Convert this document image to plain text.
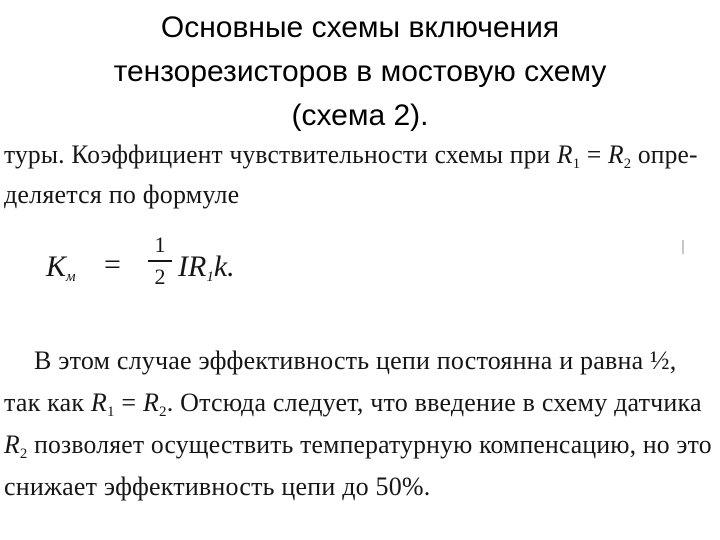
Основные схемы включения
тензорезисторов в мостовую схему
(схема 2).
туры. Коэффициент чувствительности схемы при $R_1 = R_2$ опре-
деляется по формуле
$K_м$ =
1
2 $IR_1k$.
В этом случае эффективность цепи постоянна и равна ½,
так как $R_1 = R_2$. Отсюда следует, что введение в схему датчика
$R_2$ позволяет осуществить температурную компенсацию, но это
снижает эффективность цепи до 50%.
